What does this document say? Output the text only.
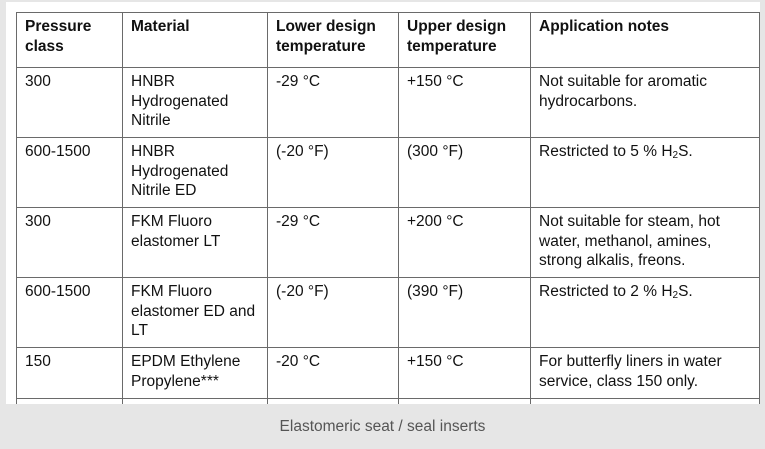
Pressure class	Material	Lower design temperature	Upper design temperature	Application notes
300	HNBR Hydrogenated Nitrile	-29 °C	+150 °C	Not suitable for aromatic hydrocarbons.
600-1500	HNBR Hydrogenated Nitrile ED	(-20 °F)	(300 °F)	Restricted to 5 % $H_2S$.
300	FKM Fluoro elastomer LT	-29 °C	+200 °C	Not suitable for steam, hot water, methanol, amines, strong alkalis, freons.
600-1500	FKM Fluoro elastomer ED and LT	(-20 °F)	(390 °F)	Restricted to 2 % $H_2S$.
150	EPDM Ethylene Propylene***	-20 °C	+150 °C	For butterfly liners in water service, class 150 only.

Elastomeric seat / seal inserts
